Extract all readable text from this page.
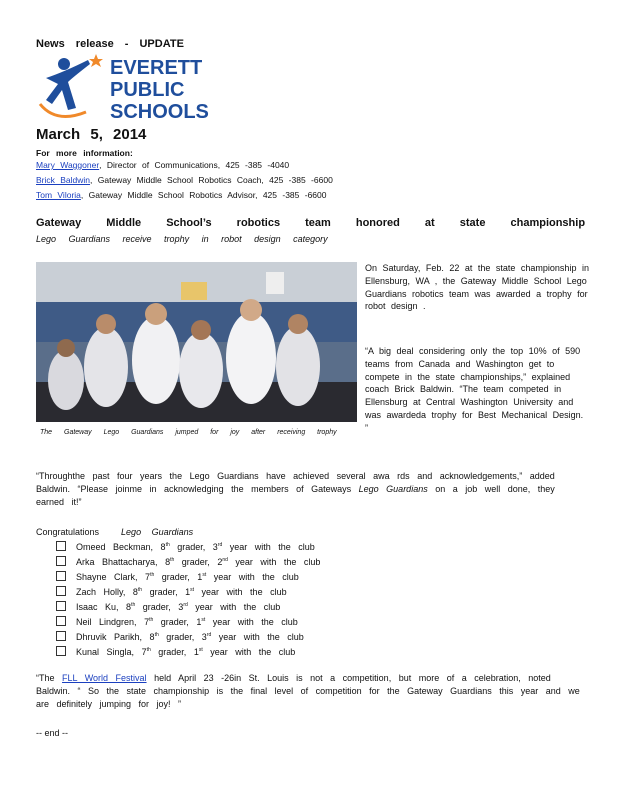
News release - UPDATE
EVERETT
PUBLIC
SCHOOLS
March 5, 2014
For more information:
Mary Waggoner, Director of Communications, 425 -385 -4040
Brick Baldwin, Gateway Middle School Robotics Coach, 425 -385 -6600
Tom Viloria, Gateway Middle School Robotics Advisor, 425 -385 -6600
Gateway Middle School’s robotics team honored at state championship
Lego Guardians receive trophy in robot design category
The Gateway Lego Guardians jumped for joy after receiving trophy
On Saturday, Feb. 22 at the state championship in Ellensburg, WA , the Gateway Middle School Lego Guardians robotics team was awarded a trophy for robot design .
“A big deal considering only the top 10% of 590 teams from Canada and Washington get to compete in the state championships,” explained coach Brick Baldwin. “The team competed in Ellensburg at Central Washington University and was awardeda trophy for Best Mechanical Design. ”
“Throughthe past four years the Lego Guardians have achieved several awa rds and acknowledgements,” added Baldwin. “Please joinme in acknowledging the members of Gateways Lego Guardians on a job well done, they earned it!”
Congratulations Lego Guardians
Omeed Beckman, 8th grader, 3rd year with the club
Arka Bhattacharya, 8th grader, 2nd year with the club
Shayne Clark, 7th grader, 1st year with the club
Zach Holly, 8th grader, 1st year with the club
Isaac Ku, 8th grader, 3rd year with the club
Neil Lindgren, 7th grader, 1st year with the club
Dhruvik Parikh, 8th grader, 3rd year with the club
Kunal Singla, 7th grader, 1st year with the club
“The FLL World Festival held April 23 -26in St. Louis is not a competition, but more of a celebration, noted Baldwin. “ So the state championship is the final level of competition for the Gateway Guardians this year and we are definitely jumping for joy! ”
-- end --
